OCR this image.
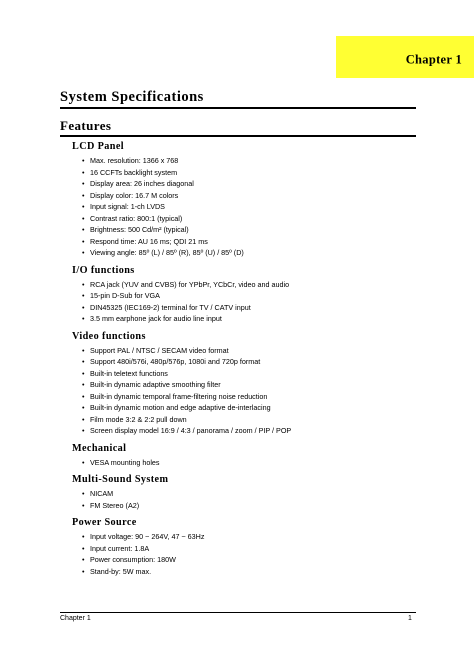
Chapter 1
System Specifications
Features
LCD Panel
• Max. resolution: 1366 x 768
• 16 CCFTs backlight system
• Display area: 26 inches diagonal
• Display color: 16.7 M colors
• Input signal: 1-ch LVDS
• Contrast ratio: 800:1 (typical)
• Brightness: 500 Cd/m² (typical)
• Respond time: AU 16 ms; QDI 21 ms
• Viewing angle: 85º (L) / 85º (R), 85º (U) / 85º (D)
I/O functions
• RCA jack (YUV and CVBS) for YPbPr, YCbCr, video and audio
• 15-pin D-Sub for VGA
• DIN45325 (IEC169-2) terminal for TV / CATV input
• 3.5 mm earphone jack for audio line input
Video functions
• Support PAL / NTSC / SECAM video format
• Support 480i/576i, 480p/576p, 1080i and 720p format
• Built-in teletext functions
• Built-in dynamic adaptive smoothing filter
• Built-in dynamic temporal frame-filtering noise reduction
• Built-in dynamic motion and edge adaptive de-interlacing
• Film mode 3:2 & 2:2 pull down
• Screen display model 16:9 / 4:3 / panorama / zoom / PIP / POP
Mechanical
• VESA mounting holes
Multi-Sound System
• NICAM
• FM Stereo (A2)
Power Source
• Input voltage: 90 ~ 264V, 47 ~ 63Hz
• Input current: 1.8A
• Power consumption: 180W
• Stand-by: 5W max.
Chapter 1	1
